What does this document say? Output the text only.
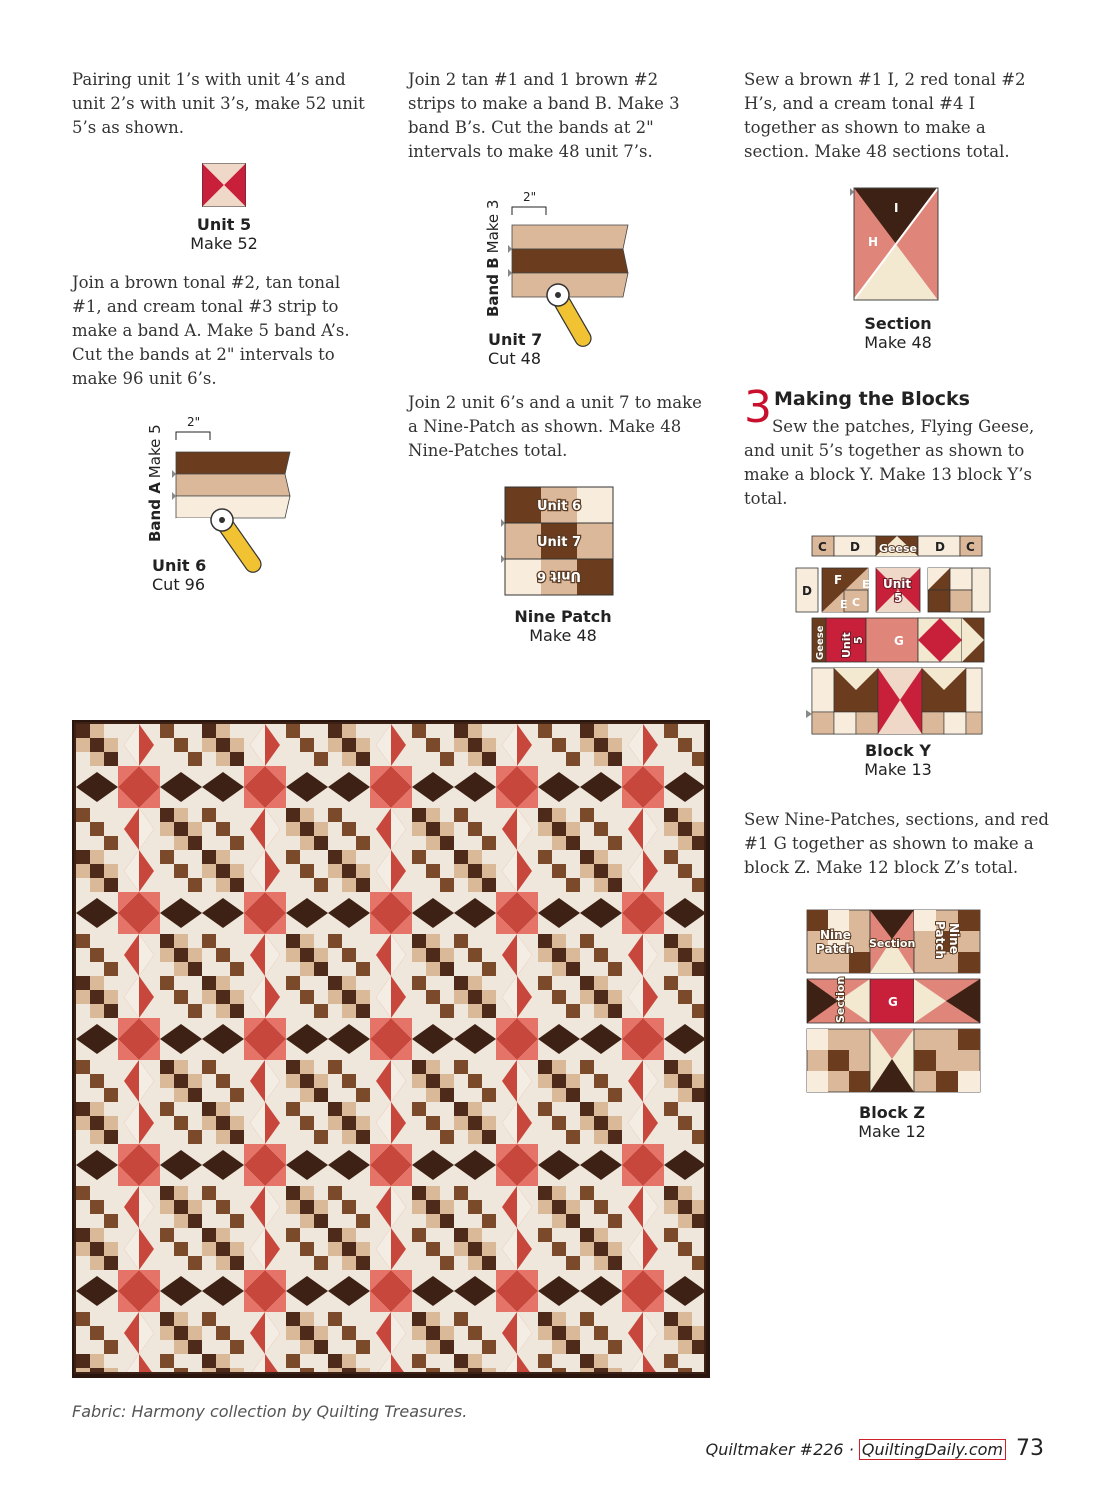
Pairing unit 1’s with unit 4’s and unit 2’s with unit 3’s, make 52 unit 5’s as shown.
Unit 5
Make 52
Join a brown tonal #2, tan tonal #1, and cream tonal #3 strip to make a band A. Make 5 band A’s. Cut the bands at 2" intervals to make 96 unit 6’s.
Band AMake 5
2"
Unit 6
Cut 96
Join 2 tan #1 and 1 brown #2 strips to make a band B. Make 3 band B’s. Cut the bands at 2" intervals to make 48 unit 7’s.
Band BMake 3
2"
Unit 7
Cut 48
Join 2 unit 6’s and a unit 7 to make a Nine-Patch as shown. Make 48 Nine-Patches total.
Unit 6
Unit 7
Unit 6
Nine Patch
Make 48
Sew a brown #1 I, 2 red tonal #2 H’s, and a cream tonal #4 I together as shown to make a section. Make 48 sections total.
I
H
Section
Make 48
3 Making the Blocks
Sew the patches, Flying Geese, and unit 5’s together as shown to make a block Y. Make 13 block Y’s total.
C D Geese D C
D
F E
E C
Unit
5
Geese Unit 5 G
Block Y
Make 13
Sew Nine-Patches, sections, and red #1 G together as shown to make a block Z. Make 12 block Z’s total.
Nine
Patch Section	Nine
Patch
G
Section
Block Z
Make 12
Fabric: Harmony collection by Quilting Treasures.
Quiltmaker #226 · QuiltingDaily.com 73
